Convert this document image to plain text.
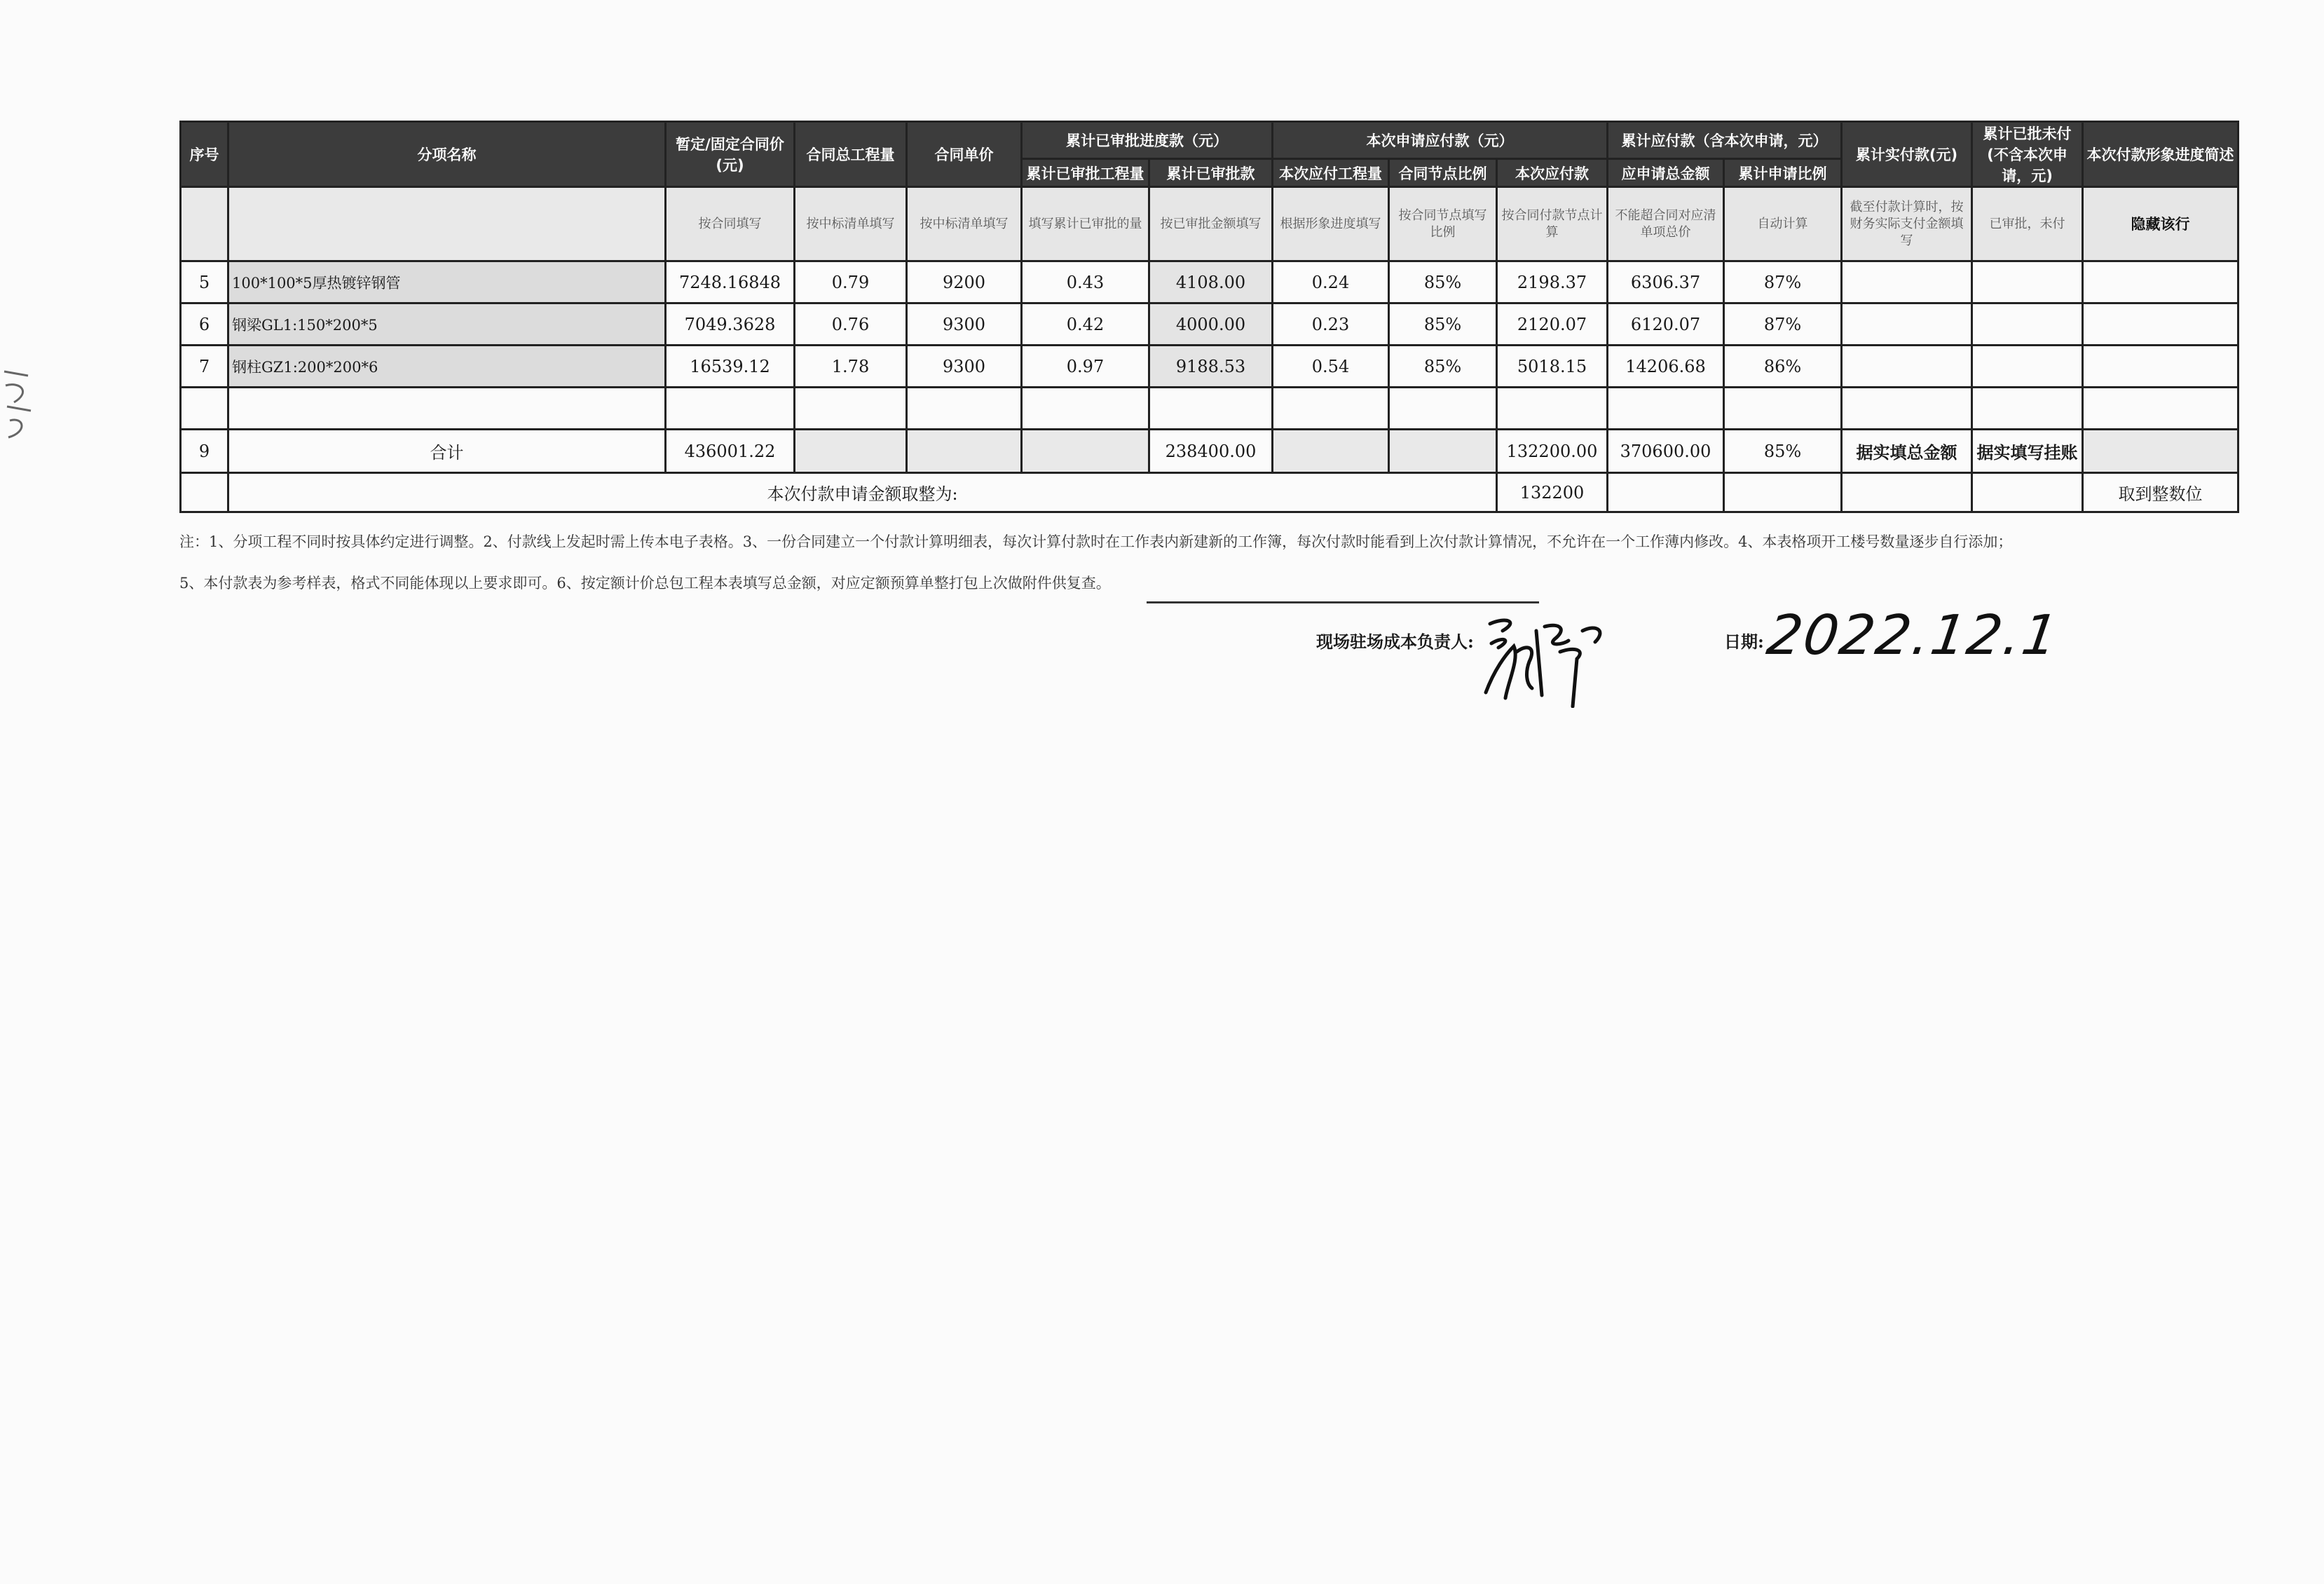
序号	分项名称	暂定/固定合同价(元)	合同总工程量	合同单价	累计已审批进度款（元）		本次申请应付款（元）			累计应付款（含本次申请，元）		累计实付款(元)	累计已批未付(不含本次申请，元)	本次付款形象进度简述
					累计已审批工程量	累计已审批款	本次应付工程量	合同节点比例	本次应付款	应申请总金额	累计申请比例			
		按合同填写	按中标清单填写	按中标清单填写	填写累计已审批的量	按已审批金额填写	根据形象进度填写	按合同节点填写比例	按合同付款节点计算	不能超合同对应清单项总价	自动计算	截至付款计算时，按财务实际支付金额填写	已审批，未付	隐藏该行
5	100*100*5厚热镀锌钢管	7248.16848	0.79	9200	0.43	4108.00	0.24	85%	2198.37	6306.37	87%			
6	钢梁GL1:150*200*5	7049.3628	0.76	9300	0.42	4000.00	0.23	85%	2120.07	6120.07	87%			
7	钢柱GZ1:200*200*6	16539.12	1.78	9300	0.97	9188.53	0.54	85%	5018.15	14206.68	86%			

9	合计	436001.22				238400.00			132200.00	370600.00	85%	据实填总金额	据实填写挂账	
	本次付款申请金额取整为:								132200					取到整数位
注：1、分项工程不同时按具体约定进行调整。2、付款线上发起时需上传本电子表格。3、一份合同建立一个付款计算明细表，每次计算付款时在工作表内新建新的工作簿，每次付款时能看到上次付款计算情况，不允许在一个工作薄内修改。4、本表格项开工楼号数量逐步自行添加；
5、本付款表为参考样表，格式不同能体现以上要求即可。6、按定额计价总包工程本表填写总金额，对应定额预算单整打包上次做附件供复查。
现场驻场成本负责人:	日期:
2022.12.1
